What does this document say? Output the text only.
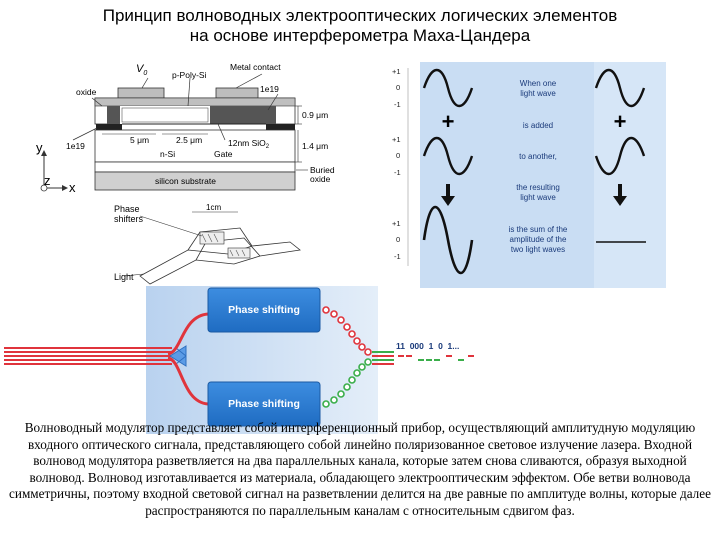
Принцип волноводных электрооптических логических элементов
на основе интерферометра Маха-Цандера
$V_0$	p-Poly-Si
Metal contact
oxide	1e19
1e19
0.9 μm
1.4 μm
5 μm	2.5 μm	12nm SiO$_2$
Gate
n-Si
Buried
oxide
silicon substrate
y
z x
Phase
shifters
1cm
Light
+1
0
-1
+1
0
-1
+1
0
-1
+	+
When one
light wave
is added
to another,
the resulting
light wave
is the sum of the
amplitude of the
two light waves
Phase shifting
Phase shifting
11  000  1  0  1...
Волноводный модулятор представляет собой интерференционный прибор, осуществляющий амплитудную модуляцию входного оптического сигнала, представляющего собой линейно поляризованное световое излучение лазера. Входной волновод модулятора разветвляется на два параллельных канала, которые затем снова сливаются, образуя выходной волновод. Волновод изготавливается из материала, обладающего электрооптическим эффектом. Обе ветви волновода симметричны, поэтому входной световой сигнал на разветвлении делится на две равные по амплитуде волны, которые далее распространяются по параллельным каналам с относительным сдвигом фаз.
